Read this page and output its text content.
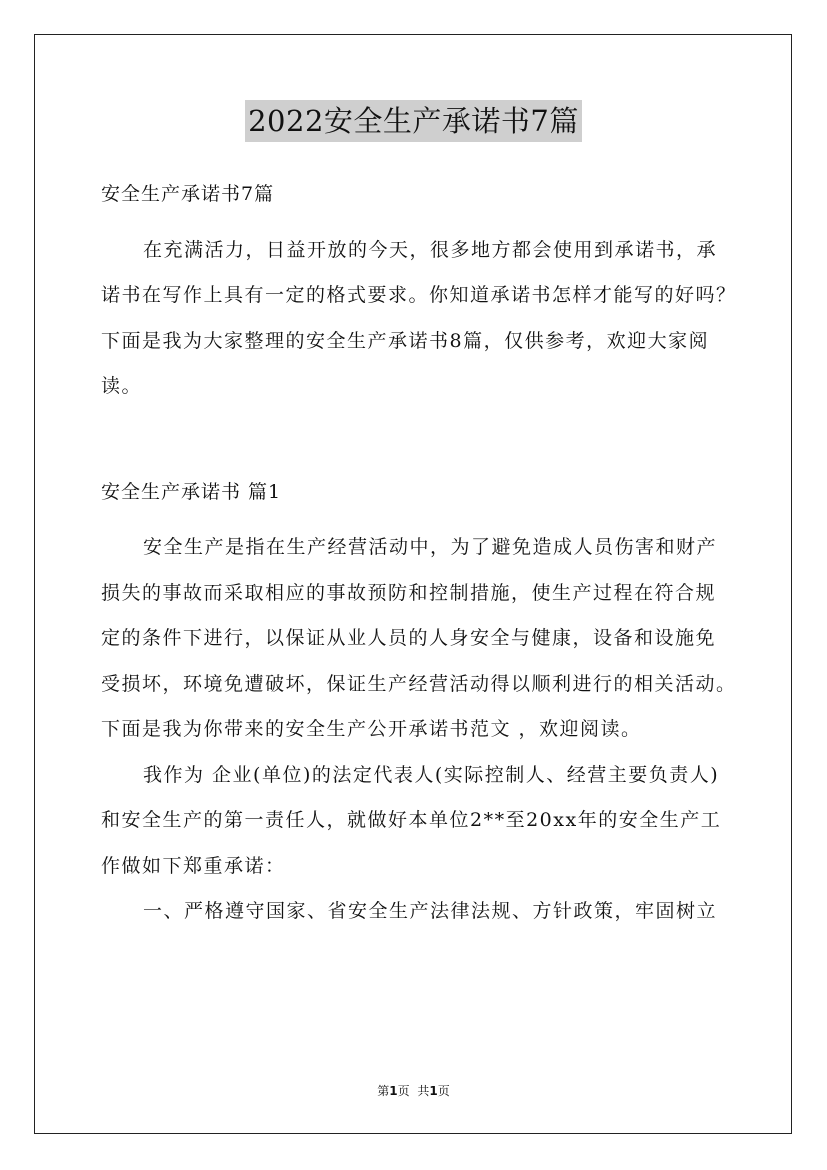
2022安全生产承诺书7篇

安全生产承诺书7篇

在充满活力，日益开放的今天，很多地方都会使用到承诺书，承

诺书在写作上具有一定的格式要求。你知道承诺书怎样才能写的好吗？

下面是我为大家整理的安全生产承诺书8篇，仅供参考，欢迎大家阅

读。

安全生产承诺书 篇1

安全生产是指在生产经营活动中，为了避免造成人员伤害和财产

损失的事故而采取相应的事故预防和控制措施，使生产过程在符合规

定的条件下进行，以保证从业人员的人身安全与健康，设备和设施免

受损坏，环境免遭破坏，保证生产经营活动得以顺利进行的相关活动。

下面是我为你带来的安全生产公开承诺书范文 ，欢迎阅读。

我作为 企业(单位)的法定代表人(实际控制人、经营主要负责人)

和安全生产的第一责任人，就做好本单位2**至20xx年的安全生产工

作做如下郑重承诺：

一、严格遵守国家、省安全生产法律法规、方针政策，牢固树立

第1页 共1页
